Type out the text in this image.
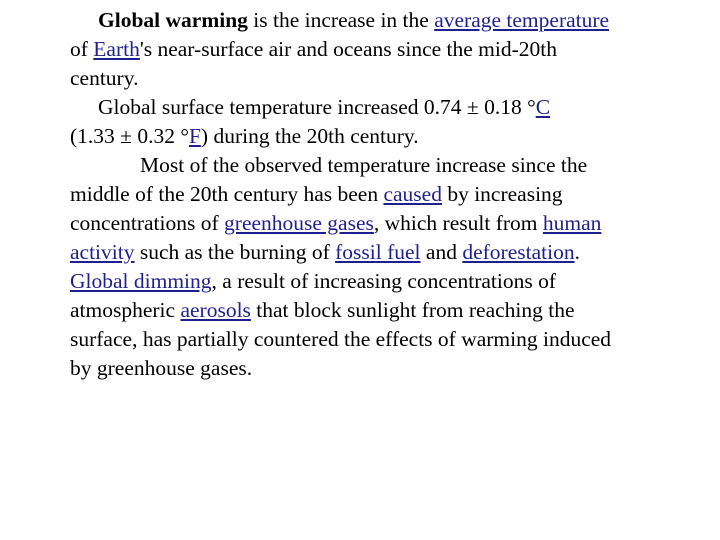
Global warming is the increase in the average temperature
of Earth's near-surface air and oceans since the mid-20th
century.
Global surface temperature increased 0.74 ± 0.18 °C
(1.33 ± 0.32 °F) during the 20th century.
Most of the observed temperature increase since the
middle of the 20th century has been caused by increasing
concentrations of greenhouse gases, which result from human
activity such as the burning of fossil fuel and deforestation.
Global dimming, a result of increasing concentrations of
atmospheric aerosols that block sunlight from reaching the
surface, has partially countered the effects of warming induced
by greenhouse gases.
